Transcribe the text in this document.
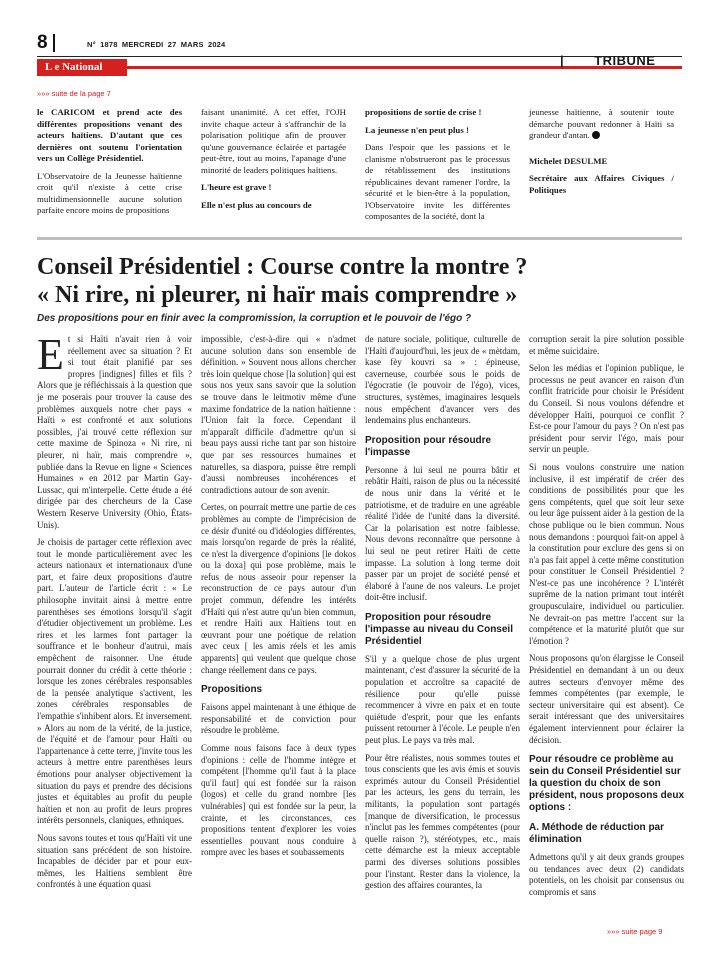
8	N° 1878 MERCREDI 27 MARS 2024
L e National	| TRIBUNE
»»» suite de la page 7

le CARICOM et prend acte des différentes propositions venant des acteurs haïtiens. D'autant que ces dernières ont soutenu l'orientation vers un Collège Présidentiel.

L'Observatoire de la Jeunesse haïtienne croit qu'il n'existe à cette crise multidimensionnelle aucune solution parfaite encore moins de propositions

faisant unanimité. A cet effet, l'OJH invite chaque acteur à s'affranchir de la polarisation politique afin de prouver qu'une gouvernance éclairée et partagée peut-être, tout au moins, l'apanage d'une minorité de leaders politiques haïtiens.

L'heure est grave !

Elle n'est plus au concours de

propositions de sortie de crise !

La jeunesse n'en peut plus !

Dans l'espoir que les passions et le clanisme n'obstrueront pas le processus de rétablissement des institutions républicaines devant ramener l'ordre, la sécurité et le bien-être à la population, l'Observatoire invite les différentes composantes de la société, dont la

jeunesse haïtienne, à soutenir toute démarche pouvant redonner à Haïti sa grandeur d'antan.

Michelet DESULME

Secrétaire aux Affaires Civiques / Politiques

Conseil Présidentiel : Course contre la montre ?
« Ni rire, ni pleurer, ni haïr mais comprendre »
Des propositions pour en finir avec la compromission, la corruption et le pouvoir de l'égo ?

Et si Haïti n'avait rien à voir réellement avec sa situation ? Et si tout était planifié par ses propres [indignes] filles et fils ? Alors que je réfléchissais à la question que je me poserais pour trouver la cause des problèmes auxquels notre cher pays « Haïti » est confronté et aux solutions possibles, j'ai trouvé cette réflexion sur cette maxime de Spinoza « Ni rire, ni pleurer, ni haïr, mais comprendre », publiée dans la Revue en ligne « Sciences Humaines » en 2012 par Martin Gay-Lussac, qui m'interpelle. Cette étude a été dirigée par des chercheurs de la Case Western Reserve University (Ohio, États-Unis).

Je choisis de partager cette réflexion avec tout le monde particulièrement avec les acteurs nationaux et internationaux d'une part, et faire deux propositions d'autre part. L'auteur de l'article écrit : « Le philosophe invitait ainsi à mettre entre parenthèses ses émotions lorsqu'il s'agit d'étudier objectivement un problème. Les rires et les larmes font partager la souffrance et le bonheur d'autrui, mais empêchent de raisonner. Une étude pourrait donner du crédit à cette théorie : lorsque les zones cérébrales responsables de la pensée analytique s'activent, les zones cérébrales responsables de l'empathie s'inhibent alors. Et inversement. » Alors au nom de la vérité, de la justice, de l'équité et de l'amour pour Haïti ou l'appartenance à cette terre, j'invite tous les acteurs à mettre entre parenthèses leurs émotions pour analyser objectivement la situation du pays et prendre des décisions justes et équitables au profit du peuple haïtien et non au profit de leurs propres intérêts personnels, claniques, ethniques.

Nous savons toutes et tous qu'Haïti vit une situation sans précédent de son histoire. Incapables de décider par et pour eux-mêmes, les Haïtiens semblent être confrontés à une équation quasi

impossible, c'est-à-dire qui « n'admet aucune solution dans son ensemble de définition. » Souvent nous allons chercher très loin quelque chose [la solution] qui est sous nos yeux sans savoir que la solution se trouve dans le leitmotiv même d'une maxime fondatrice de la nation haïtienne : l'Union fait la force. Cependant il m'apparaît difficile d'admettre qu'un si beau pays aussi riche tant par son histoire que par ses ressources humaines et naturelles, sa diaspora, puisse être rempli d'aussi nombreuses incohérences et contradictions autour de son avenir.

Certes, on pourrait mettre une partie de ces problèmes au compte de l'imprécision de ce désir d'unité ou d'idéologies différentes, mais lorsqu'on regarde de près la réalité, ce n'est la divergence d'opinions [le dokos ou la doxa] qui pose problème, mais le refus de nous asseoir pour repenser la reconstruction de ce pays autour d'un projet commun, défendre les intérêts d'Haïti qui n'est autre qu'un bien commun, et rendre Haïti aux Haïtiens tout en œuvrant pour une poétique de relation avec ceux [ les amis réels et les amis apparents] qui veulent que quelque chose change réellement dans ce pays.

Propositions

Faisons appel maintenant à une éthique de responsabilité et de conviction pour résoudre le problème.

Comme nous faisons face à deux types d'opinions : celle de l'homme intègre et compétent [l'homme qu'il faut à la place qu'il faut] qui est fondée sur la raison (logos) et celle du grand nombre [les vulnérables] qui est fondée sur la peur, la crainte, et les circonstances, ces propositions tentent d'explorer les voies essentielles pouvant nous conduire à rompre avec les bases et soubassements

de nature sociale, politique, culturelle de l'Haïti d'aujourd'hui, les jeux de « mètdam, kase fèy kouvri sa » : épineuse, caverneuse, courbée sous le poids de l'égocratie (le pouvoir de l'égo), vices, structures, systèmes, imaginaires lesquels nous empêchent d'avancer vers des lendemains plus enchanteurs.

Proposition pour résoudre l'impasse

Personne à lui seul ne pourra bâtir et rebâtir Haïti, raison de plus ou la nécessité de nous unir dans la vérité et le patriotisme, et de traduire en une agréable réalité l'idée de l'unité dans la diversité. Car la polarisation est notre faiblesse. Nous devons reconnaître que personne à lui seul ne peut retirer Haïti de cette impasse. La solution à long terme doit passer par un projet de société pensé et élaboré à l'aune de nos valeurs. Le projet doit-être inclusif.

Proposition pour résoudre l'impasse au niveau du Conseil Présidentiel

S'il y a quelque chose de plus urgent maintenant, c'est d'assurer la sécurité de la population et accroître sa capacité de résilience pour qu'elle puisse recommencer à vivre en paix et en toute quiétude d'esprit, pour que les enfants puissent retourner à l'école. Le peuple n'en peut plus. Le pays va très mal.

Pour être réalistes, nous sommes toutes et tous conscients que les avis émis et souvis exprimés autour du Conseil Présidentiel par les acteurs, les gens du terrain, les militants, la population sont partagés [manque de diversification, le processus n'inclut pas les femmes compétentes (pour quelle raison ?), stéréotypes, etc., mais cette démarche est la mieux acceptable parmi des diverses solutions possibles pour l'instant. Rester dans la violence, la gestion des affaires courantes, la

corruption serait la pire solution possible et même suicidaire.

Selon les médias et l'opinion publique, le processus ne peut avancer en raison d'un conflit fratricide pour choisir le Président du Conseil. Si nous voulons défendre et développer Haïti, pourquoi ce conflit ? Est-ce pour l'amour du pays ? On n'est pas président pour servir l'égo, mais pour servir un peuple.

Si nous voulons construire une nation inclusive, il est impératif de créer des conditions de possibilités pour que les gens compétents, quel que soit leur sexe ou leur âge puissent aider à la gestion de la chose publique ou le bien commun. Nous nous demandons : pourquoi fait-on appel à la constitution pour exclure des gens si on n'a pas fait appel à cette même constitution pour constituer le Conseil Présidentiel ? N'est-ce pas une incohérence ? L'intérêt suprême de la nation primant tout intérêt groupusculaire, individuel ou particulier. Ne devrait-on pas mettre l'accent sur la compétence et la maturité plutôt que sur l'émotion ?

Nous proposons qu'on élargisse le Conseil Présidentiel en demandant à un ou deux autres secteurs d'envoyer même des femmes compétentes (par exemple, le secteur universitaire qui est absent). Ce serait intéressant que des universitaires également interviennent pour éclairer la décision.

Pour résoudre ce problème au sein du Conseil Présidentiel sur la question du choix de son président, nous proposons deux options :
A. Méthode de réduction par élimination

Admettons qu'il y ait deux grands groupes ou tendances avec deux (2) candidats potentiels, on les choisit par consensus ou compromis et sans

»»» suite page 9
